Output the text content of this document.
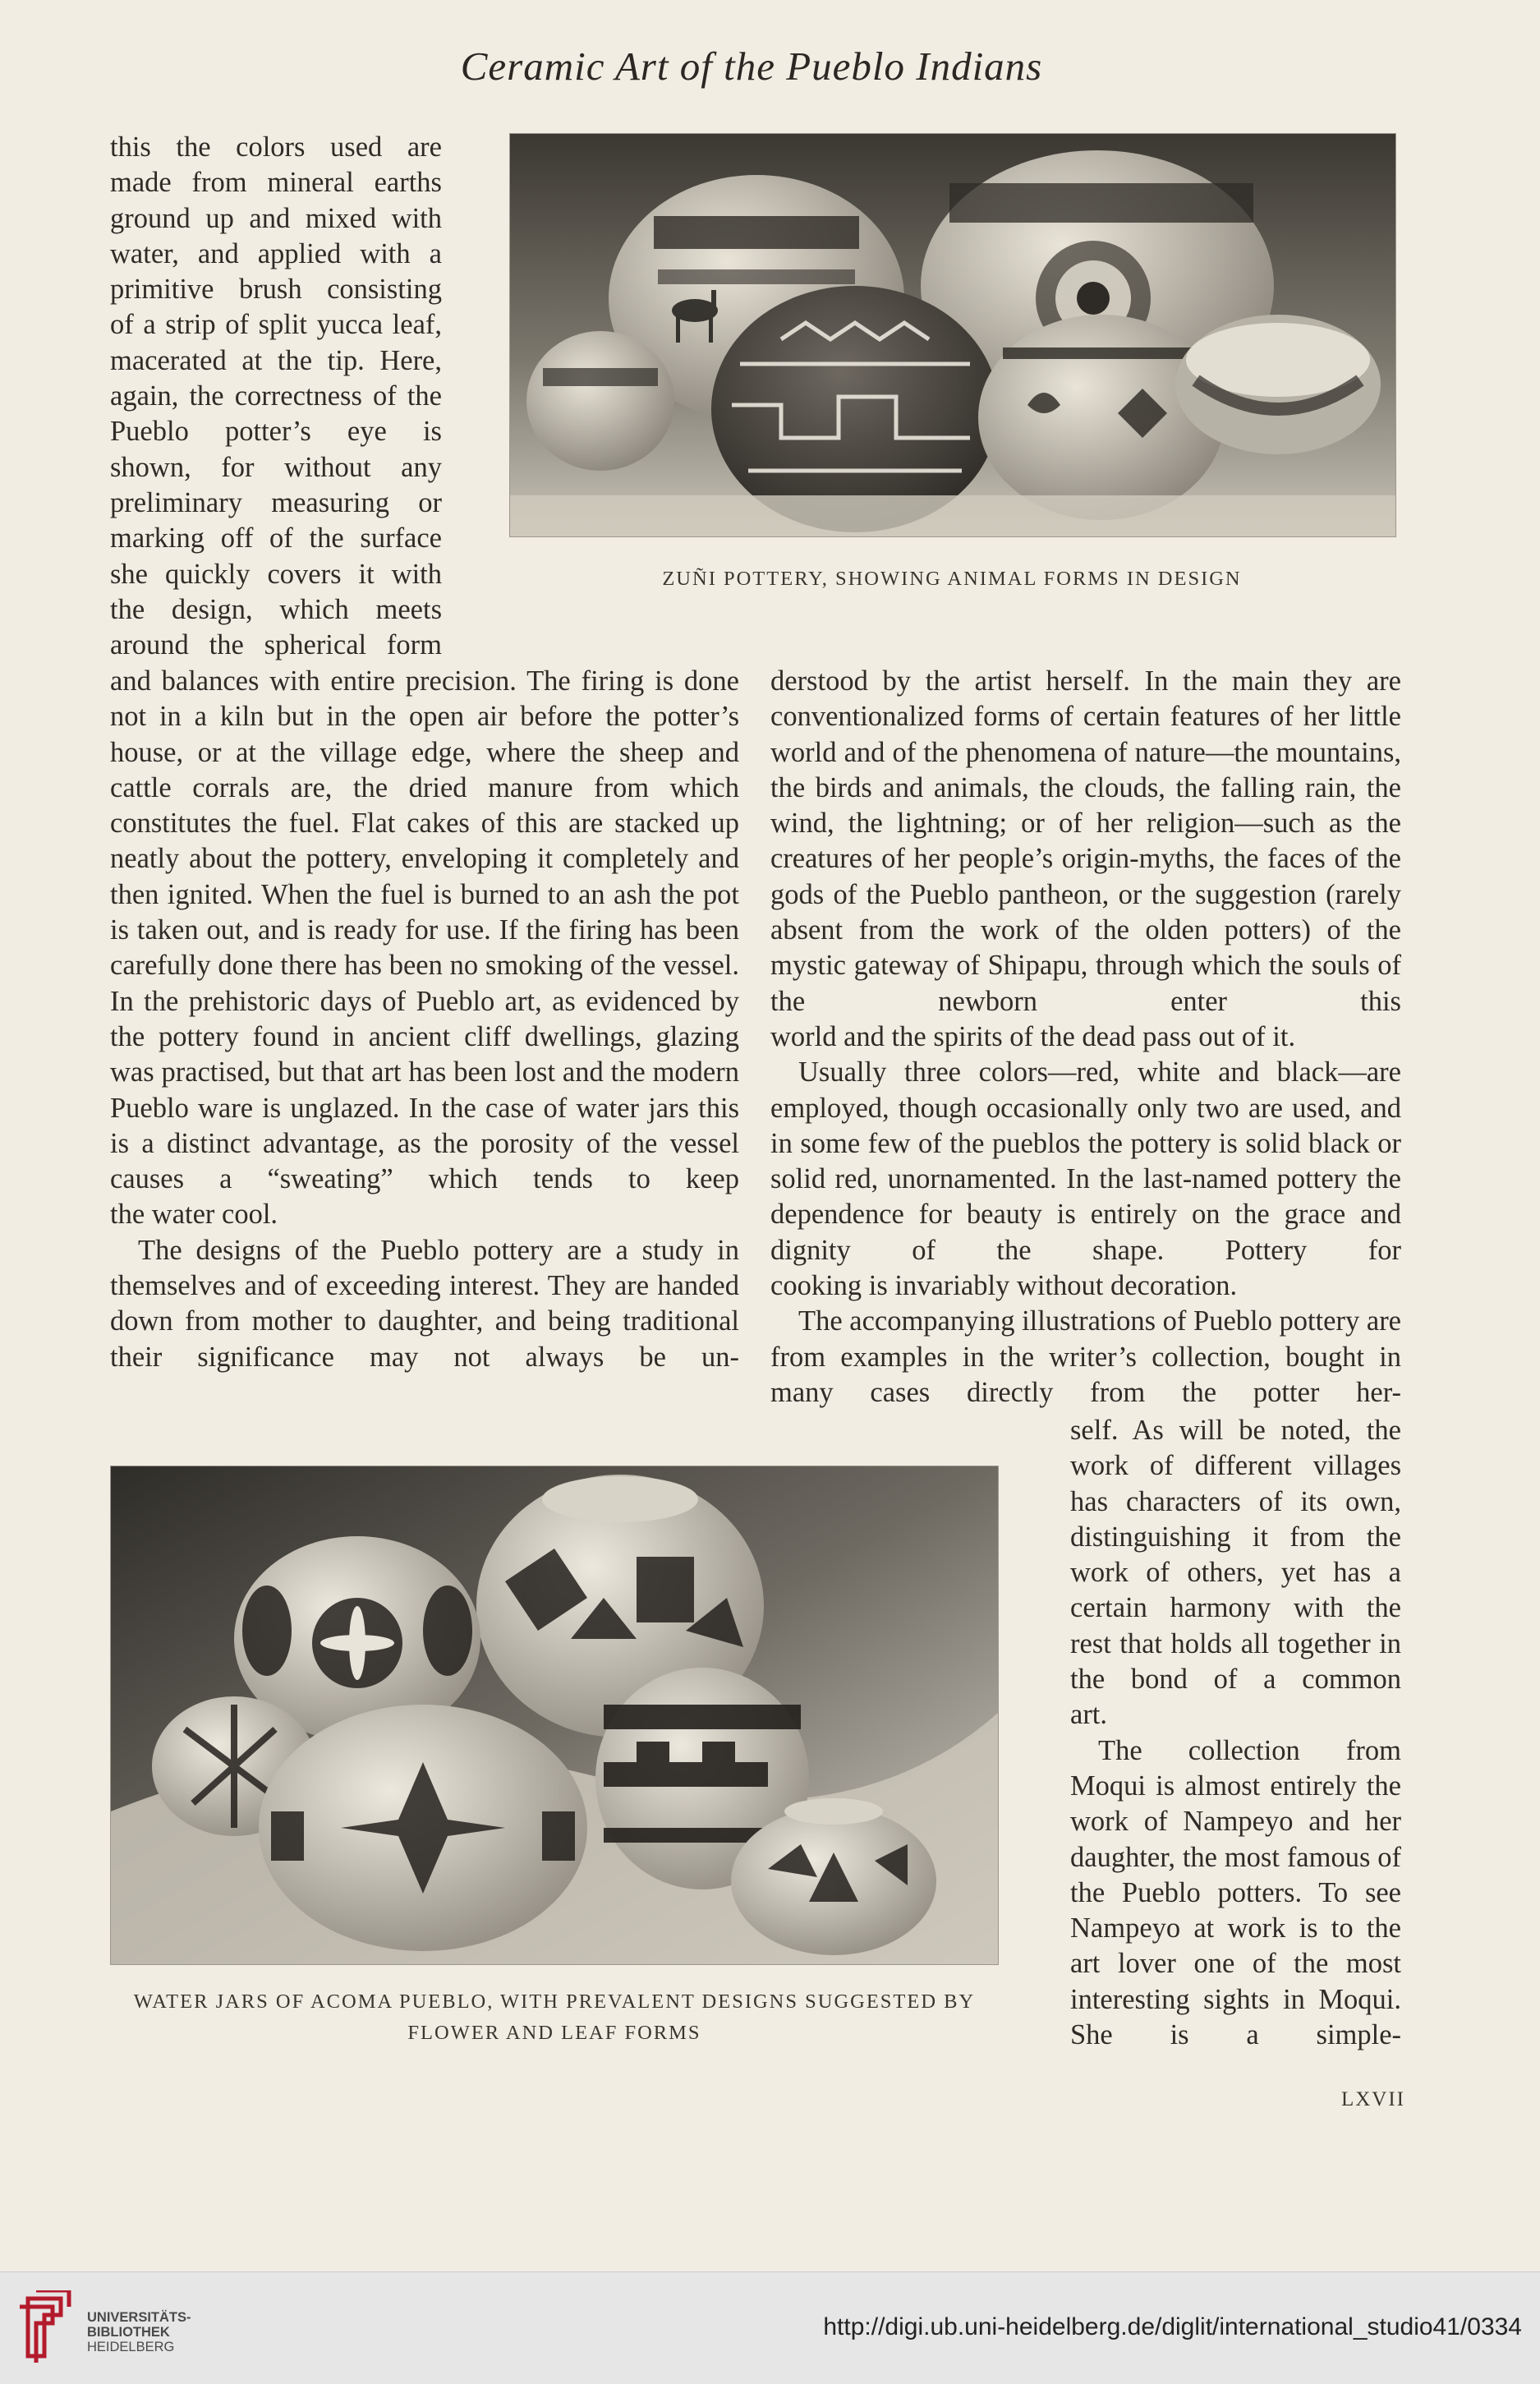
Ceramic Art of the Pueblo Indians

this the colors used are

made from mineral earths

ground up and mixed with

water, and applied with a

primitive brush consisting

of a strip of split yucca leaf,

macerated at the tip. Here,

again, the correctness of the

Pueblo potter’s eye is

shown, for without any

preliminary measuring or

marking off of the surface

she quickly covers it with

the design, which meets

around the spherical form

ZUÑI POTTERY, SHOWING ANIMAL FORMS IN DESIGN

and balances with entire precision. The firing is done not in a kiln but in the open air before the potter’s house, or at the village edge, where the sheep and cattle corrals are, the dried manure from which constitutes the fuel. Flat cakes of this are stacked up neatly about the pottery, enveloping it completely and then ignited. When the fuel is burned to an ash the pot is taken out, and is ready for use. If the firing has been carefully done there has been no smoking of the vessel. In the prehistoric days of Pueblo art, as evidenced by the pottery found in ancient cliff dwellings, glazing was practised, but that art has been lost and the modern Pueblo ware is unglazed. In the case of water jars this is a distinct advantage, as the porosity of the vessel causes a “sweating” which tends to keep

the water cool.

The designs of the Pueblo pottery are a study in themselves and of exceeding interest. They are handed down from mother to daughter, and being traditional their significance may not always be un-

derstood by the artist herself. In the main they are conventionalized forms of certain features of her little world and of the phenomena of nature—the mountains, the birds and animals, the clouds, the falling rain, the wind, the lightning; or of her religion—such as the creatures of her people’s origin-myths, the faces of the gods of the Pueblo pantheon, or the suggestion (rarely absent from the work of the olden potters) of the mystic gateway of Shipapu, through which the souls of the newborn enter this

world and the spirits of the dead pass out of it.

Usually three colors—red, white and black—are employed, though occasionally only two are used, and in some few of the pueblos the pottery is solid black or solid red, unornamented. In the last-named pottery the dependence for beauty is entirely on the grace and dignity of the shape. Pottery for

cooking is invariably without decoration.

The accompanying illustrations of Pueblo pottery are from examples in the writer’s collection, bought in many cases directly from the potter her-

WATER JARS OF ACOMA PUEBLO, WITH PREVALENT DESIGNS SUGGESTED BY
FLOWER AND LEAF FORMS

self. As will be noted, the work of different villages has characters of its own, distinguishing it from the work of others, yet has a certain harmony with the rest that holds all together in the bond of a common

art.

The collection from Moqui is almost entirely the work of Nampeyo and her daughter, the most famous of the Pueblo potters. To see Nampeyo at work is to the art lover one of the most interesting sights in Moqui. She is a simple-

LXVII
UNIVERSITÄTS-
BIBLIOTHEK
HEIDELBERG
http://digi.ub.uni-heidelberg.de/diglit/international_studio41/0334
